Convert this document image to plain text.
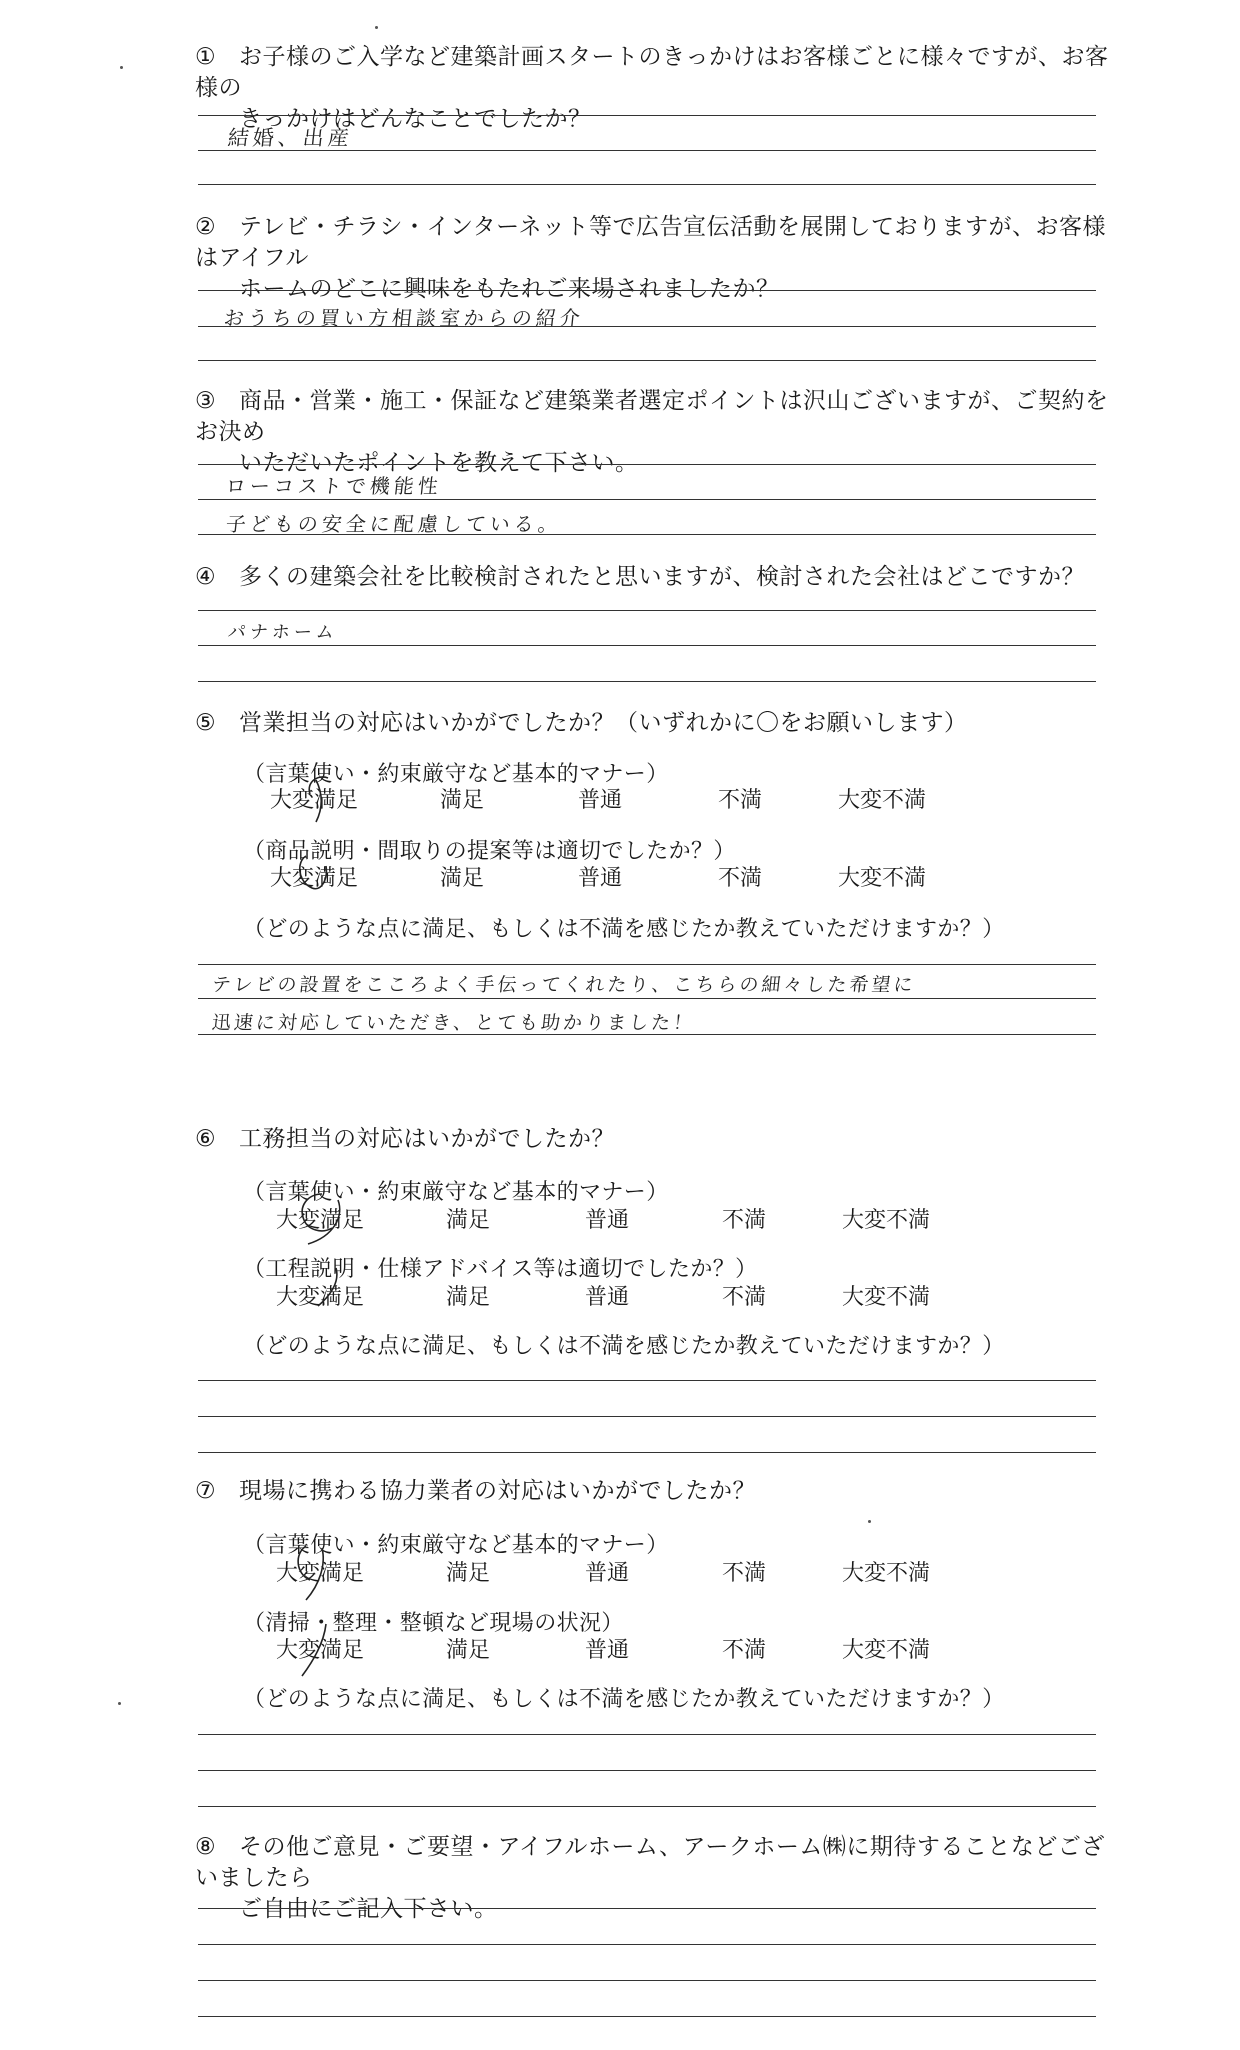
① お子様のご入学など建築計画スタートのきっかけはお客様ごとに様々ですが、お客様の
きっかけはどんなことでしたか？
結婚、出産
② テレビ・チラシ・インターネット等で広告宣伝活動を展開しておりますが、お客様はアイフル
ホームのどこに興味をもたれご来場されましたか？
おうちの買い方相談室からの紹介
③ 商品・営業・施工・保証など建築業者選定ポイントは沢山ございますが、ご契約をお決め
いただいたポイントを教えて下さい。
ローコストで機能性
子どもの安全に配慮している。
④ 多くの建築会社を比較検討されたと思いますが、検討された会社はどこですか？
パナホーム
⑤ 営業担当の対応はいかがでしたか？（いずれかに〇をお願いします）
（言葉使い・約束厳守など基本的マナー）
大変満足	満足	普通	不満	大変不満
（商品説明・間取りの提案等は適切でしたか？）
大変満足	満足	普通	不満	大変不満
（どのような点に満足、もしくは不満を感じたか教えていただけますか？）
テレビの設置をこころよく手伝ってくれたり、こちらの細々した希望に
迅速に対応していただき、とても助かりました！
⑥ 工務担当の対応はいかがでしたか？
（言葉使い・約束厳守など基本的マナー）
大変満足	満足	普通	不満	大変不満
（工程説明・仕様アドバイス等は適切でしたか？）
大変満足	満足	普通	不満	大変不満
（どのような点に満足、もしくは不満を感じたか教えていただけますか？）
⑦ 現場に携わる協力業者の対応はいかがでしたか？
（言葉使い・約束厳守など基本的マナー）
大変満足	満足	普通	不満	大変不満
（清掃・整理・整頓など現場の状況）
大変満足	満足	普通	不満	大変不満
（どのような点に満足、もしくは不満を感じたか教えていただけますか？）
⑧ その他ご意見・ご要望・アイフルホーム、アークホーム㈱に期待することなどございましたら
ご自由にご記入下さい。
